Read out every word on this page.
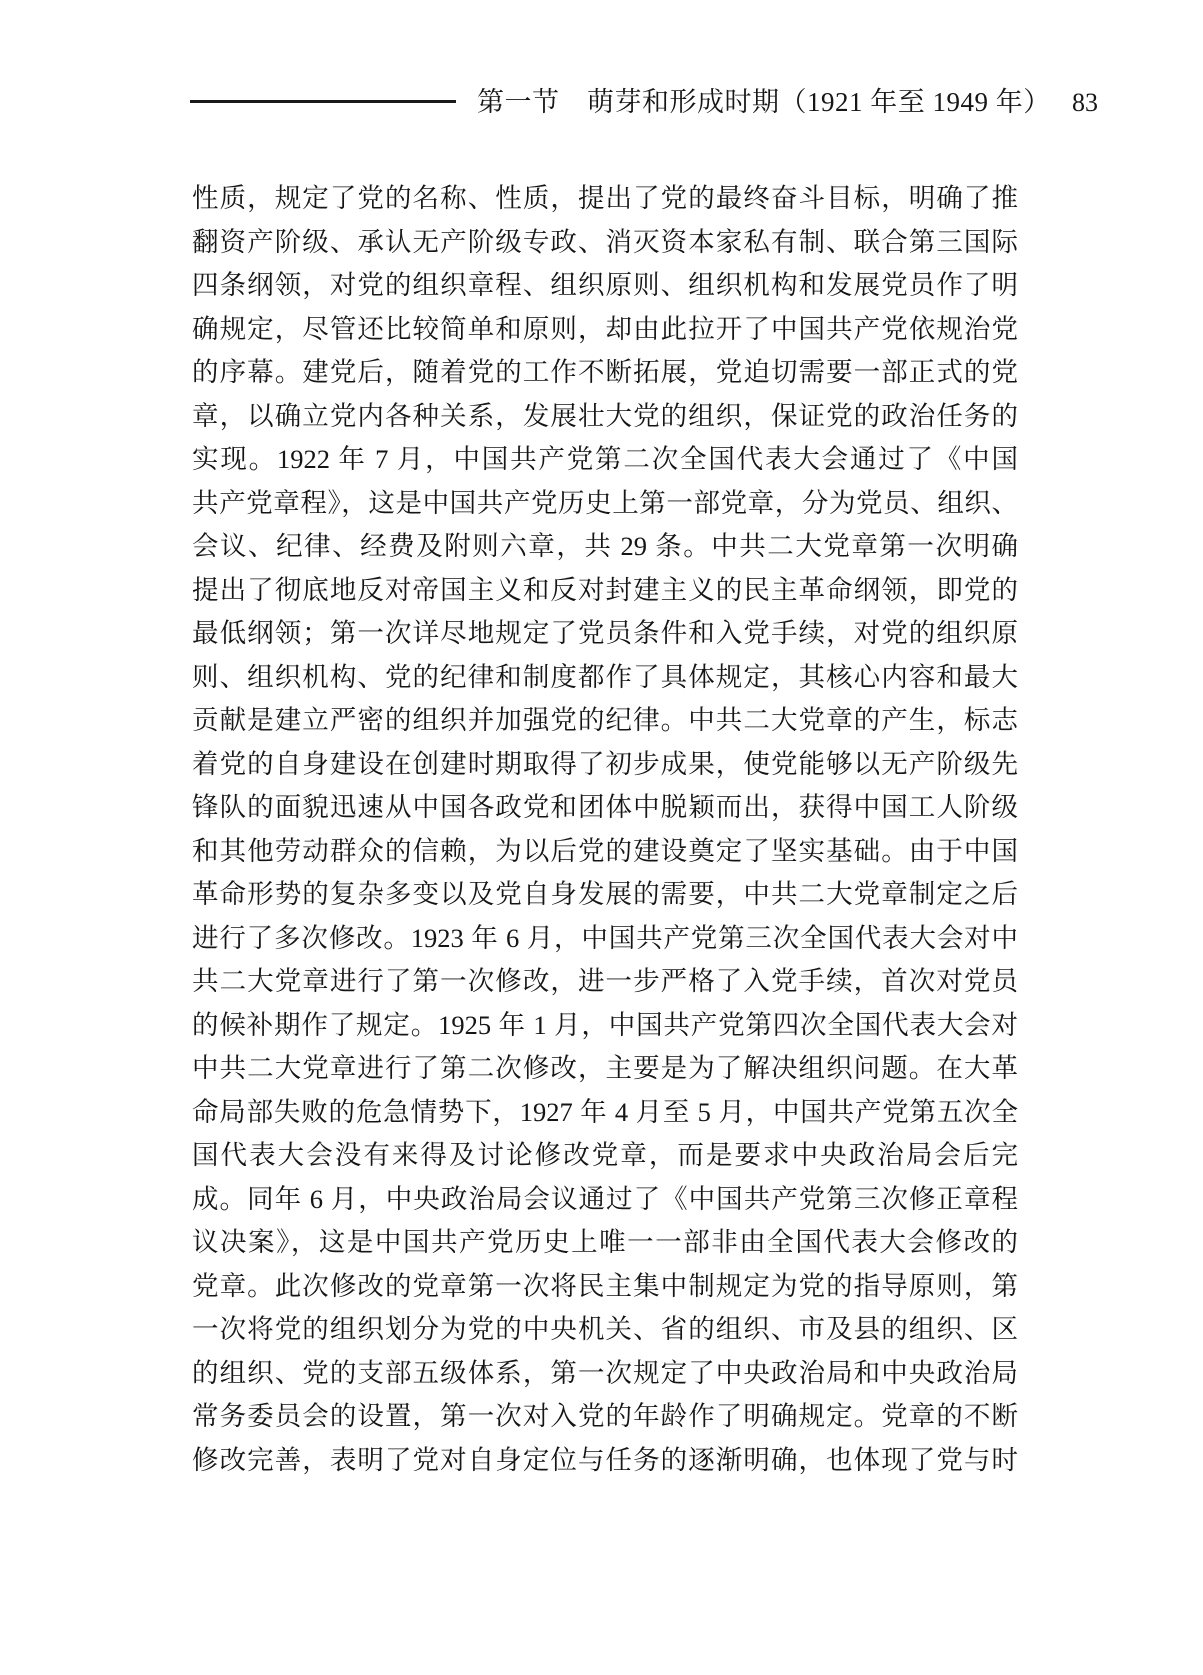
第一节　萌芽和形成时期（1921 年至 1949 年） 83
性质，规定了党的名称、性质，提出了党的最终奋斗目标，明确了推
翻资产阶级、承认无产阶级专政、消灭资本家私有制、联合第三国际
四条纲领，对党的组织章程、组织原则、组织机构和发展党员作了明
确规定，尽管还比较简单和原则，却由此拉开了中国共产党依规治党
的序幕。建党后，随着党的工作不断拓展，党迫切需要一部正式的党
章，以确立党内各种关系，发展壮大党的组织，保证党的政治任务的
实现。1922 年 7 月，中国共产党第二次全国代表大会通过了《中国
共产党章程》，这是中国共产党历史上第一部党章，分为党员、组织、
会议、纪律、经费及附则六章，共 29 条。中共二大党章第一次明确
提出了彻底地反对帝国主义和反对封建主义的民主革命纲领，即党的
最低纲领；第一次详尽地规定了党员条件和入党手续，对党的组织原
则、组织机构、党的纪律和制度都作了具体规定，其核心内容和最大
贡献是建立严密的组织并加强党的纪律。中共二大党章的产生，标志
着党的自身建设在创建时期取得了初步成果，使党能够以无产阶级先
锋队的面貌迅速从中国各政党和团体中脱颖而出，获得中国工人阶级
和其他劳动群众的信赖，为以后党的建设奠定了坚实基础。由于中国
革命形势的复杂多变以及党自身发展的需要，中共二大党章制定之后
进行了多次修改。1923 年 6 月，中国共产党第三次全国代表大会对中
共二大党章进行了第一次修改，进一步严格了入党手续，首次对党员
的候补期作了规定。1925 年 1 月，中国共产党第四次全国代表大会对
中共二大党章进行了第二次修改，主要是为了解决组织问题。在大革
命局部失败的危急情势下，1927 年 4 月至 5 月，中国共产党第五次全
国代表大会没有来得及讨论修改党章，而是要求中央政治局会后完
成。同年 6 月，中央政治局会议通过了《中国共产党第三次修正章程
议决案》，这是中国共产党历史上唯一一部非由全国代表大会修改的
党章。此次修改的党章第一次将民主集中制规定为党的指导原则，第
一次将党的组织划分为党的中央机关、省的组织、市及县的组织、区
的组织、党的支部五级体系，第一次规定了中央政治局和中央政治局
常务委员会的设置，第一次对入党的年龄作了明确规定。党章的不断
修改完善，表明了党对自身定位与任务的逐渐明确，也体现了党与时
